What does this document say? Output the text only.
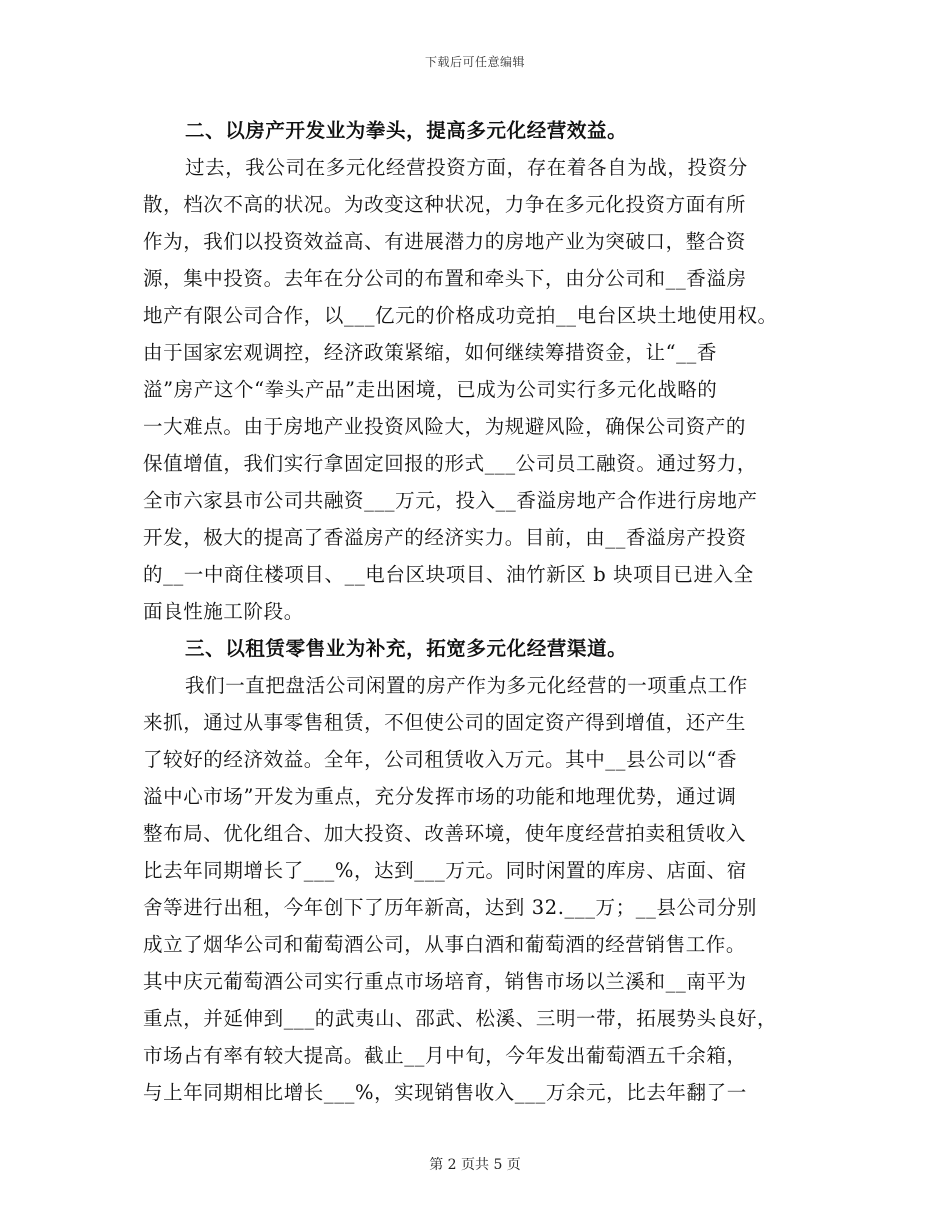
下载后可任意编辑
二、以房产开发业为拳头，提高多元化经营效益。
过去，我公司在多元化经营投资方面，存在着各自为战，投资分
散，档次不高的状况。为改变这种状况，力争在多元化投资方面有所
作为，我们以投资效益高、有进展潜力的房地产业为突破口，整合资
源，集中投资。去年在分公司的布置和牵头下，由分公司和__香溢房
地产有限公司合作，以___亿元的价格成功竞拍__电台区块土地使用权。
由于国家宏观调控，经济政策紧缩，如何继续筹措资金，让“__香
溢”房产这个“拳头产品”走出困境，已成为公司实行多元化战略的
一大难点。由于房地产业投资风险大，为规避风险，确保公司资产的
保值增值，我们实行拿固定回报的形式___公司员工融资。通过努力，
全市六家县市公司共融资___万元，投入__香溢房地产合作进行房地产
开发，极大的提高了香溢房产的经济实力。目前，由__香溢房产投资
的__一中商住楼项目、__电台区块项目、油竹新区 b 块项目已进入全
面良性施工阶段。
三、以租赁零售业为补充，拓宽多元化经营渠道。
我们一直把盘活公司闲置的房产作为多元化经营的一项重点工作
来抓，通过从事零售租赁，不但使公司的固定资产得到增值，还产生
了较好的经济效益。全年，公司租赁收入万元。其中__县公司以“香
溢中心市场”开发为重点，充分发挥市场的功能和地理优势，通过调
整布局、优化组合、加大投资、改善环境，使年度经营拍卖租赁收入
比去年同期增长了___%，达到___万元。同时闲置的库房、店面、宿
舍等进行出租，今年创下了历年新高，达到 32.___万；__县公司分别
成立了烟华公司和葡萄酒公司，从事白酒和葡萄酒的经营销售工作。
其中庆元葡萄酒公司实行重点市场培育，销售市场以兰溪和__南平为
重点，并延伸到___的武夷山、邵武、松溪、三明一带，拓展势头良好，
市场占有率有较大提高。截止__月中旬，今年发出葡萄酒五千余箱，
与上年同期相比增长___%，实现销售收入___万余元，比去年翻了一
第 2 页共 5 页
